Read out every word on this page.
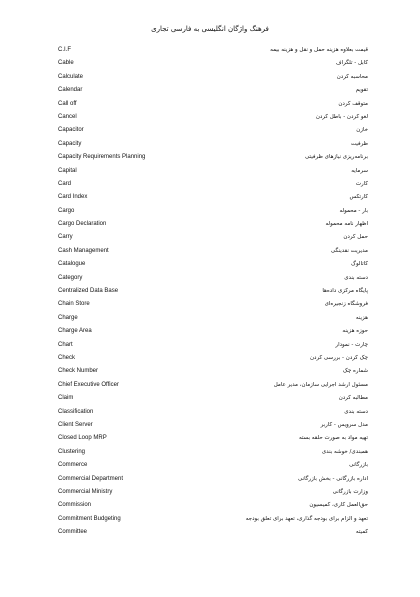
فرهنگ واژگان انگلیسی به فارسی تجاری
C.I.F	قیمت بعلاوه هزینه حمل و نقل و هزینه بیمه
Cable	کابل - تلگراف
Calculate	محاسبه کردن
Calendar	تقویم
Call off	متوقف کردن
Cancel	لغو کردن - باطل کردن
Capacitor	خازن
Capacity	ظرفیت
Capacity Requirements Planning	برنامه‌ریزی نیازهای ظرفیتی
Capital	سرمایه
Card	کارت
Card Index	کارتکس
Cargo	بار - محموله
Cargo Declaration	اظهار نامه محموله
Carry	حمل کردن
Cash Management	مدیریت نقدینگی
Catalogue	کاتالوگ
Category	دسته بندی
Centralized Data Base	پایگاه مرکزی داده‌ها
Chain Store	فروشگاه زنجیره‌ای
Charge	هزینه
Charge Area	حوزه هزینه
Chart	چارت - نمودار
Check	چک کردن - بررسی کردن
Check Number	شماره چک
Chief Executive Officer	مسئول ارشد اجرایی سازمان، مدیر عامل
Claim	مطالبه کردن
Classification	دسته بندی
Client Server	مدل سرویس - کاربر
Closed Loop MRP	تهیه مواد به صورت حلقه بسته
Clustering	همبندی/ خوشه بندی
Commerce	بازرگانی
Commercial Department	اداره بازرگانی - بخش بازرگانی
Commercial Ministry	وزارت بازرگانی
Commission	حق‌العمل کاری، کمیسیون
Commitment Budgeting	تعهد و الزام برای بودجه گذاری، تعهد برای تعلق بودجه
Committee	کمیته
